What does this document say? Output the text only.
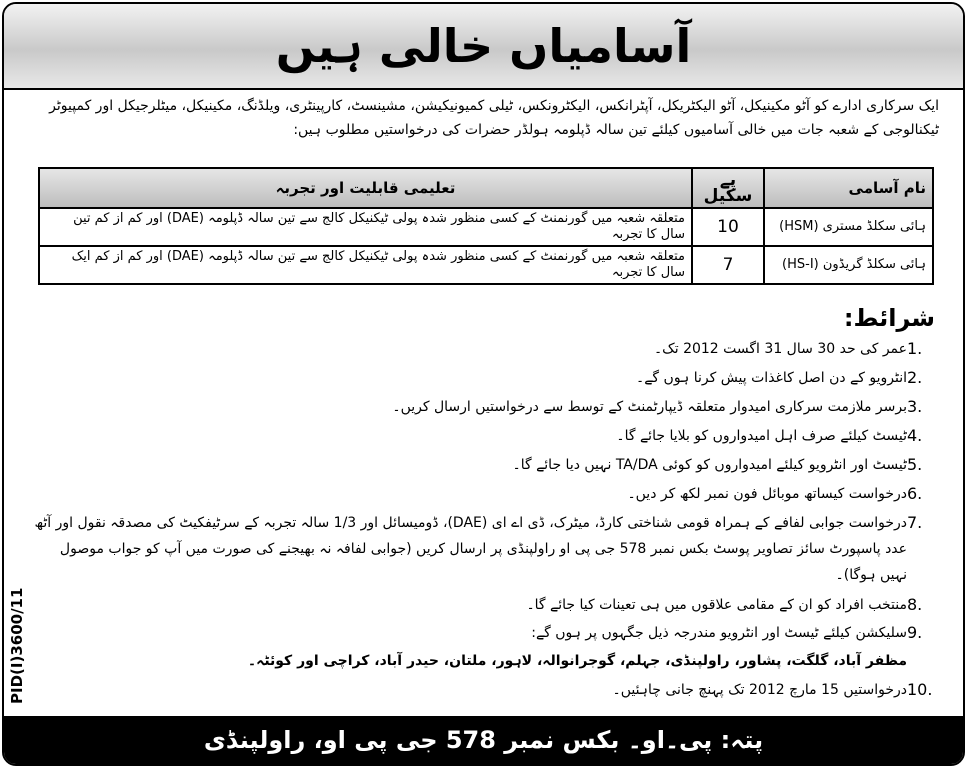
آسامیاں خالی ہیں
ایک سرکاری ادارے کو آٹو مکینیکل، آٹو الیکٹریکل، آپٹرانکس، الیکٹرونکس، ٹیلی کمیونیکیشن، مشینسٹ، کارپینٹری، ویلڈنگ، مکینیکل، میٹلرجیکل اور کمپیوٹر ٹیکنالوجی کے شعبہ جات میں خالی آسامیوں کیلئے تین سالہ ڈپلومہ ہولڈر حضرات کی درخواستیں مطلوب ہیں:
نام آسامی	پے سکیل	تعلیمی قابلیت اور تجربہ
ہائی سکلڈ مستری (HSM)	10	متعلقہ شعبہ میں گورنمنٹ کے کسی منظور شدہ پولی ٹیکنیکل کالج سے تین سالہ ڈپلومہ (DAE) اور کم از کم تین سال کا تجربہ
ہائی سکلڈ گریڈون (HS-I)	7	متعلقہ شعبہ میں گورنمنٹ کے کسی منظور شدہ پولی ٹیکنیکل کالج سے تین سالہ ڈپلومہ (DAE) اور کم از کم ایک سال کا تجربہ
شرائط:
1.
عمر کی حد 30 سال 31 اگست 2012 تک۔
2.
انٹرویو کے دن اصل کاغذات پیش کرنا ہوں گے۔
3.
برسر ملازمت سرکاری امیدوار متعلقہ ڈیپارٹمنٹ کے توسط سے درخواستیں ارسال کریں۔
4.
ٹیسٹ کیلئے صرف اہل امیدواروں کو بلایا جائے گا۔
5.
ٹیسٹ اور انٹرویو کیلئے امیدواروں کو کوئی TA/DA نہیں دیا جائے گا۔
6.
درخواست کیساتھ موبائل فون نمبر لکھ کر دیں۔
7.
درخواست جوابی لفافے کے ہمراہ قومی شناختی کارڈ، میٹرک، ڈی اے ای (DAE)، ڈومیسائل اور 1/3 سالہ تجربہ کے سرٹیفکیٹ کی مصدقہ نقول اور آٹھ عدد پاسپورٹ سائز تصاویر پوسٹ بکس نمبر 578 جی پی او راولپنڈی پر ارسال کریں (جوابی لفافہ نہ بھیجنے کی صورت میں آپ کو جواب موصول نہیں ہوگا)۔
8.
منتخب افراد کو ان کے مقامی علاقوں میں ہی تعینات کیا جائے گا۔
9.
سلیکشن کیلئے ٹیسٹ اور انٹرویو مندرجہ ذیل جگہوں پر ہوں گے:
مظفر آباد، گلگت، پشاور، راولپنڈی، جہلم، گوجرانوالہ، لاہور، ملتان، حیدر آباد، کراچی اور کوئٹہ۔
10.
درخواستیں 15 مارچ 2012 تک پہنچ جانی چاہئیں۔
PID(I)3600/11
پتہ: پی۔او۔ بکس نمبر 578 جی پی او، راولپنڈی
